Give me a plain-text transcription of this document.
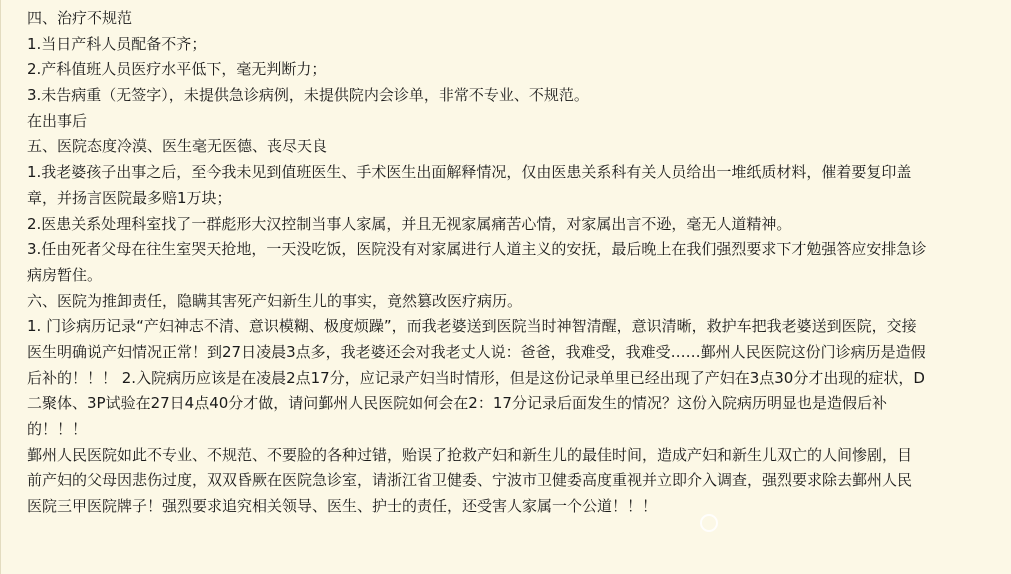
四、治疗不规范
1.当日产科人员配备不齐；
2.产科值班人员医疗水平低下，毫无判断力；
3.未告病重（无签字），未提供急诊病例，未提供院内会诊单，非常不专业、不规范。
在出事后
五、医院态度冷漠、医生毫无医德、丧尽天良
1.我老婆孩子出事之后，至今我未见到值班医生、手术医生出面解释情况，仅由医患关系科有关人员给出一堆纸质材料，催着要复印盖
章，并扬言医院最多赔1万块；
2.医患关系处理科室找了一群彪形大汉控制当事人家属，并且无视家属痛苦心情，对家属出言不逊，毫无人道精神。
3.任由死者父母在往生室哭天抢地，一天没吃饭，医院没有对家属进行人道主义的安抚，最后晚上在我们强烈要求下才勉强答应安排急诊
病房暂住。
六、医院为推卸责任，隐瞒其害死产妇新生儿的事实，竟然篡改医疗病历。
1. 门诊病历记录“产妇神志不清、意识模糊、极度烦躁”，而我老婆送到医院当时神智清醒，意识清晰，救护车把我老婆送到医院，交接
医生明确说产妇情况正常！到27日凌晨3点多，我老婆还会对我老丈人说：爸爸，我难受，我难受……鄞州人民医院这份门诊病历是造假
后补的！！！ 2.入院病历应该是在凌晨2点17分，应记录产妇当时情形，但是这份记录单里已经出现了产妇在3点30分才出现的症状，D
二聚体、3P试验在27日4点40分才做，请问鄞州人民医院如何会在2：17分记录后面发生的情况？这份入院病历明显也是造假后补
的！！！
鄞州人民医院如此不专业、不规范、不要脸的各种过错，贻误了抢救产妇和新生儿的最佳时间，造成产妇和新生儿双亡的人间惨剧，目
前产妇的父母因悲伤过度，双双昏厥在医院急诊室，请浙江省卫健委、宁波市卫健委高度重视并立即介入调查，强烈要求除去鄞州人民
医院三甲医院牌子！强烈要求追究相关领导、医生、护士的责任，还受害人家属一个公道！！！
